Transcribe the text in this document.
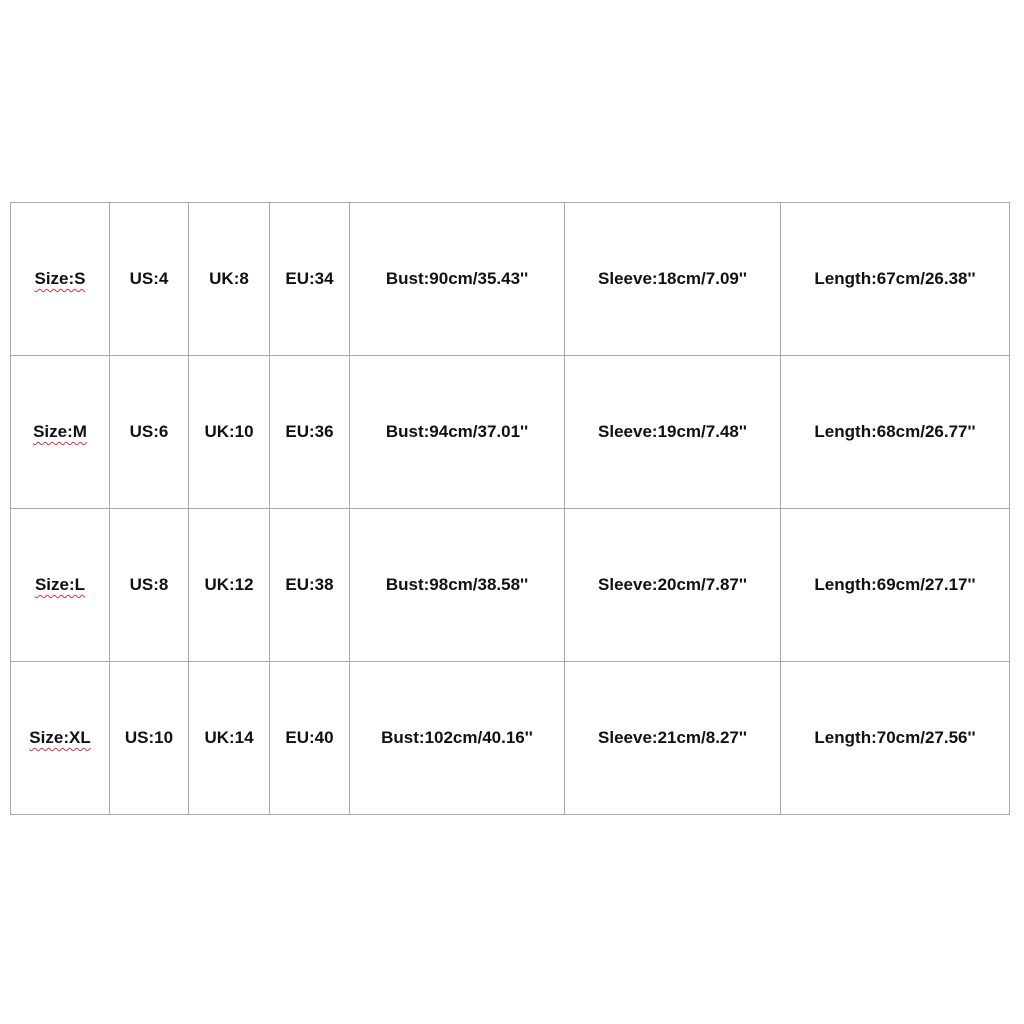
Size:S	US:4	UK:8	EU:34	Bust:90cm/35.43''	Sleeve:18cm/7.09''	Length:67cm/26.38''
Size:M	US:6	UK:10	EU:36	Bust:94cm/37.01''	Sleeve:19cm/7.48''	Length:68cm/26.77''
Size:L	US:8	UK:12	EU:38	Bust:98cm/38.58''	Sleeve:20cm/7.87''	Length:69cm/27.17''
Size:XL	US:10	UK:14	EU:40	Bust:102cm/40.16''	Sleeve:21cm/8.27''	Length:70cm/27.56''
